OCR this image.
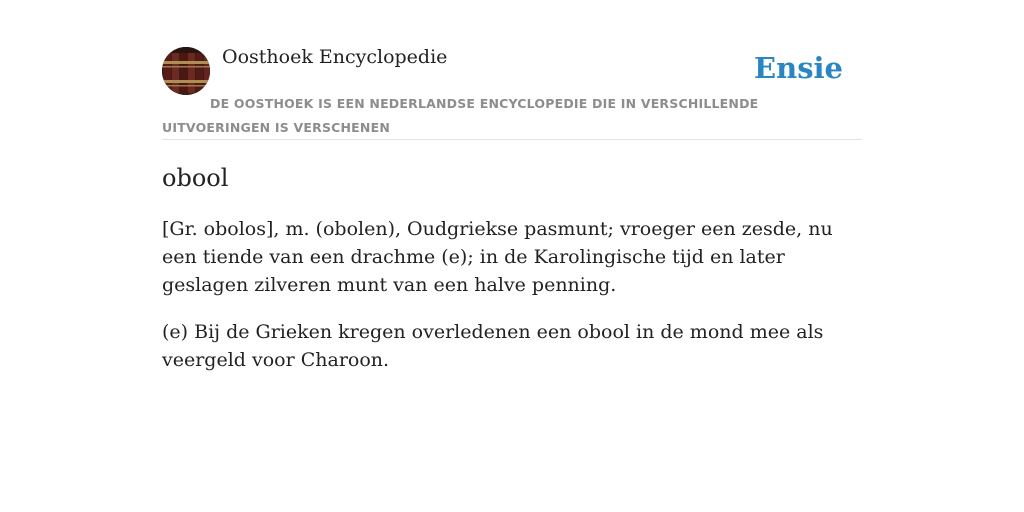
Oosthoek Encyclopedie	Ensie
DE OOSTHOEK IS EEN NEDERLANDSE ENCYCLOPEDIE DIE IN VERSCHILLENDE UITVOERINGEN IS VERSCHENEN
obool

[Gr. obolos], m. (obolen), Oudgriekse pasmunt; vroeger een zesde, nu een tiende van een drachme (e); in de Karolingische tijd en later geslagen zilveren munt van een halve penning.

(e) Bij de Grieken kregen overledenen een obool in de mond mee als veergeld voor Charoon.
